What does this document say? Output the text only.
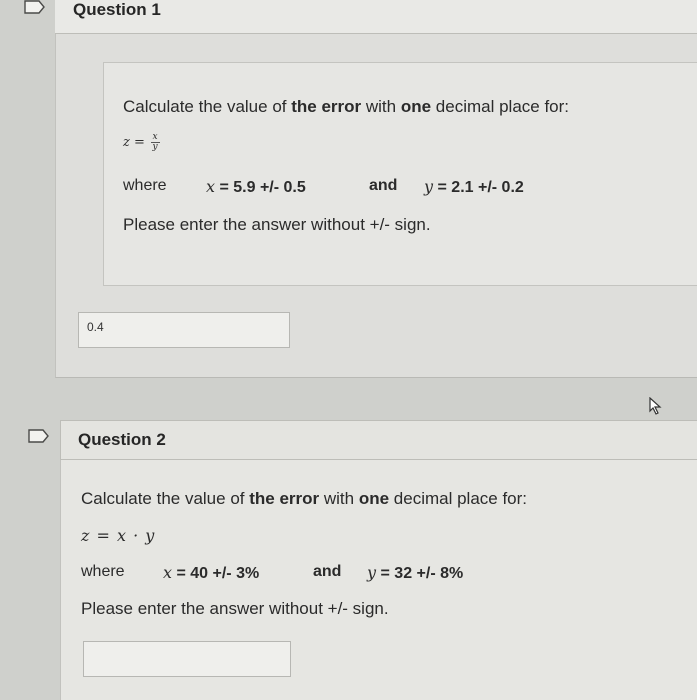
Question 1
Calculate the value of the error with one decimal place for:
$z = \frac{x}{y}$
where x = 5.9 +/- 0.5	and y = 2.1 +/- 0.2
Please enter the answer without +/- sign.
0.4
Question 2
Calculate the value of the error with one decimal place for:
z = x · y
where x = 40 +/- 3%	and y = 32 +/- 8%
Please enter the answer without +/- sign.
